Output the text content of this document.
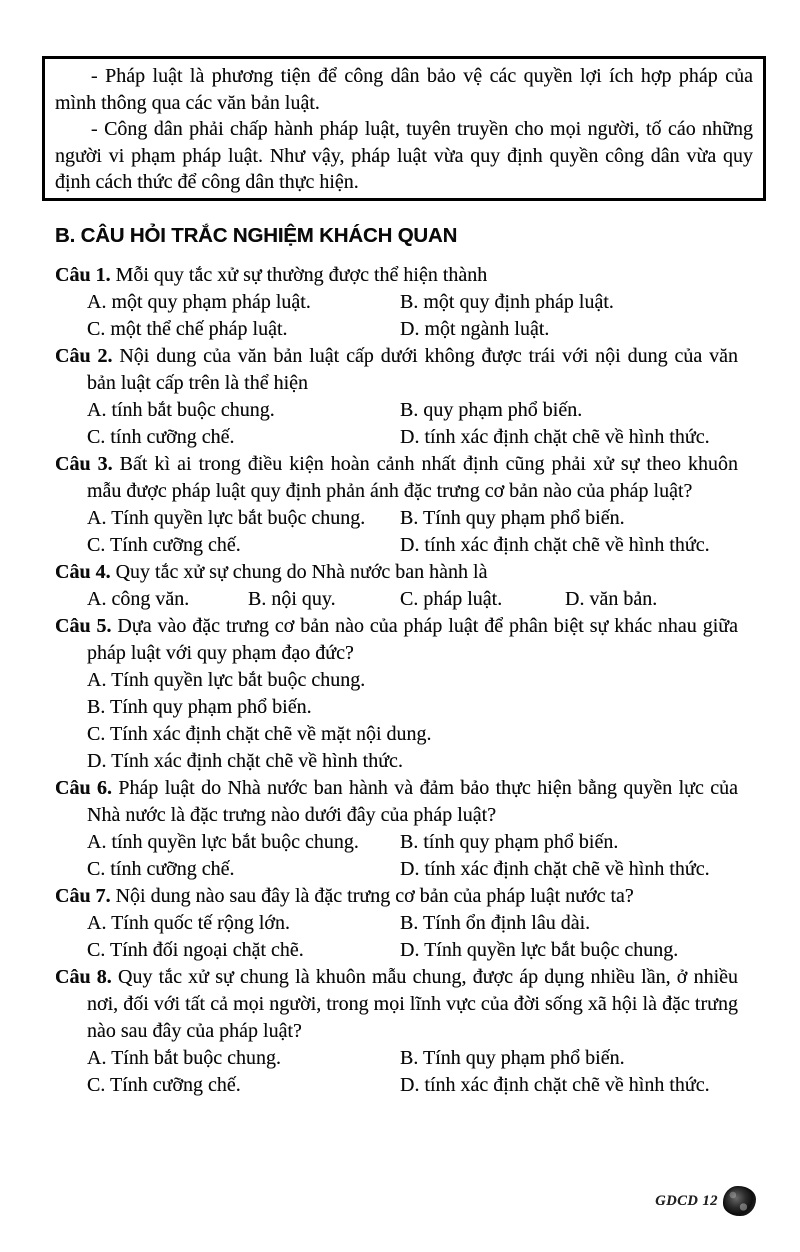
- Pháp luật là phương tiện để công dân bảo vệ các quyền lợi ích hợp pháp của mình thông qua các văn bản luật.

- Công dân phải chấp hành pháp luật, tuyên truyền cho mọi người, tố cáo những người vi phạm pháp luật. Như vậy, pháp luật vừa quy định quyền công dân vừa quy định cách thức để công dân thực hiện.

B. CÂU HỎI TRẮC NGHIỆM KHÁCH QUAN

Câu 1. Mỗi quy tắc xử sự thường được thể hiện thành

A. một quy phạm pháp luật.	B. một quy định pháp luật.
C. một thể chế pháp luật.	D. một ngành luật.

Câu 2. Nội dung của văn bản luật cấp dưới không được trái với nội dung của văn bản luật cấp trên là thể hiện

A. tính bắt buộc chung.	B. quy phạm phổ biến.
C. tính cưỡng chế.	D. tính xác định chặt chẽ về hình thức.

Câu 3. Bất kì ai trong điều kiện hoàn cảnh nhất định cũng phải xử sự theo khuôn mẫu được pháp luật quy định phản ánh đặc trưng cơ bản nào của pháp luật?

A. Tính quyền lực bắt buộc chung.	B. Tính quy phạm phổ biến.
C. Tính cưỡng chế.	D. tính xác định chặt chẽ về hình thức.

Câu 4. Quy tắc xử sự chung do Nhà nước ban hành là

A. công văn.	B. nội quy.	C. pháp luật.	D. văn bản.

Câu 5. Dựa vào đặc trưng cơ bản nào của pháp luật để phân biệt sự khác nhau giữa pháp luật với quy phạm đạo đức?

A. Tính quyền lực bắt buộc chung.
B. Tính quy phạm phổ biến.
C. Tính xác định chặt chẽ về mặt nội dung.
D. Tính xác định chặt chẽ về hình thức.

Câu 6. Pháp luật do Nhà nước ban hành và đảm bảo thực hiện bằng quyền lực của Nhà nước là đặc trưng nào dưới đây của pháp luật?

A. tính quyền lực bắt buộc chung.	B. tính quy phạm phổ biến.
C. tính cưỡng chế.	D. tính xác định chặt chẽ về hình thức.

Câu 7. Nội dung nào sau đây là đặc trưng cơ bản của pháp luật nước ta?

A. Tính quốc tế rộng lớn.	B. Tính ổn định lâu dài.
C. Tính đối ngoại chặt chẽ.	D. Tính quyền lực bắt buộc chung.

Câu 8. Quy tắc xử sự chung là khuôn mẫu chung, được áp dụng nhiều lần, ở nhiều nơi, đối với tất cả mọi người, trong mọi lĩnh vực của đời sống xã hội là đặc trưng nào sau đây của pháp luật?

A. Tính bắt buộc chung.	B. Tính quy phạm phổ biến.
C. Tính cưỡng chế.	D. tính xác định chặt chẽ về hình thức.
GDCD 12
